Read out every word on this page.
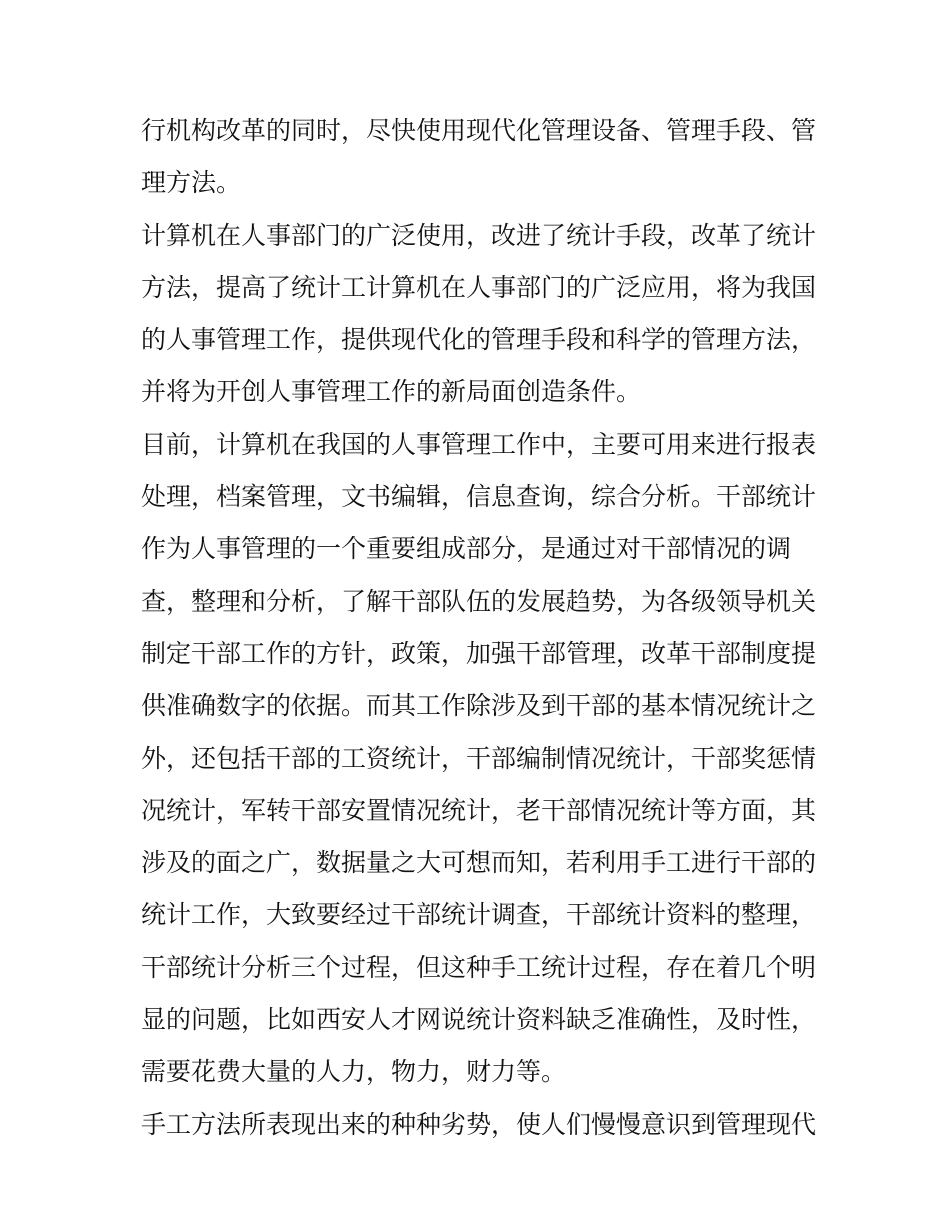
行机构改革的同时，尽快使用现代化管理设备、管理手段、管
理方法。
计算机在人事部门的广泛使用，改进了统计手段，改革了统计
方法，提高了统计工计算机在人事部门的广泛应用，将为我国
的人事管理工作，提供现代化的管理手段和科学的管理方法，
并将为开创人事管理工作的新局面创造条件。
目前，计算机在我国的人事管理工作中，主要可用来进行报表
处理，档案管理，文书编辑，信息查询，综合分析。干部统计
作为人事管理的一个重要组成部分，是通过对干部情况的调
查，整理和分析，了解干部队伍的发展趋势，为各级领导机关
制定干部工作的方针，政策，加强干部管理，改革干部制度提
供准确数字的依据。而其工作除涉及到干部的基本情况统计之
外，还包括干部的工资统计，干部编制情况统计，干部奖惩情
况统计，军转干部安置情况统计，老干部情况统计等方面，其
涉及的面之广，数据量之大可想而知，若利用手工进行干部的
统计工作，大致要经过干部统计调查，干部统计资料的整理，
干部统计分析三个过程，但这种手工统计过程，存在着几个明
显的问题，比如西安人才网说统计资料缺乏准确性，及时性，
需要花费大量的人力，物力，财力等。
手工方法所表现出来的种种劣势，使人们慢慢意识到管理现代
